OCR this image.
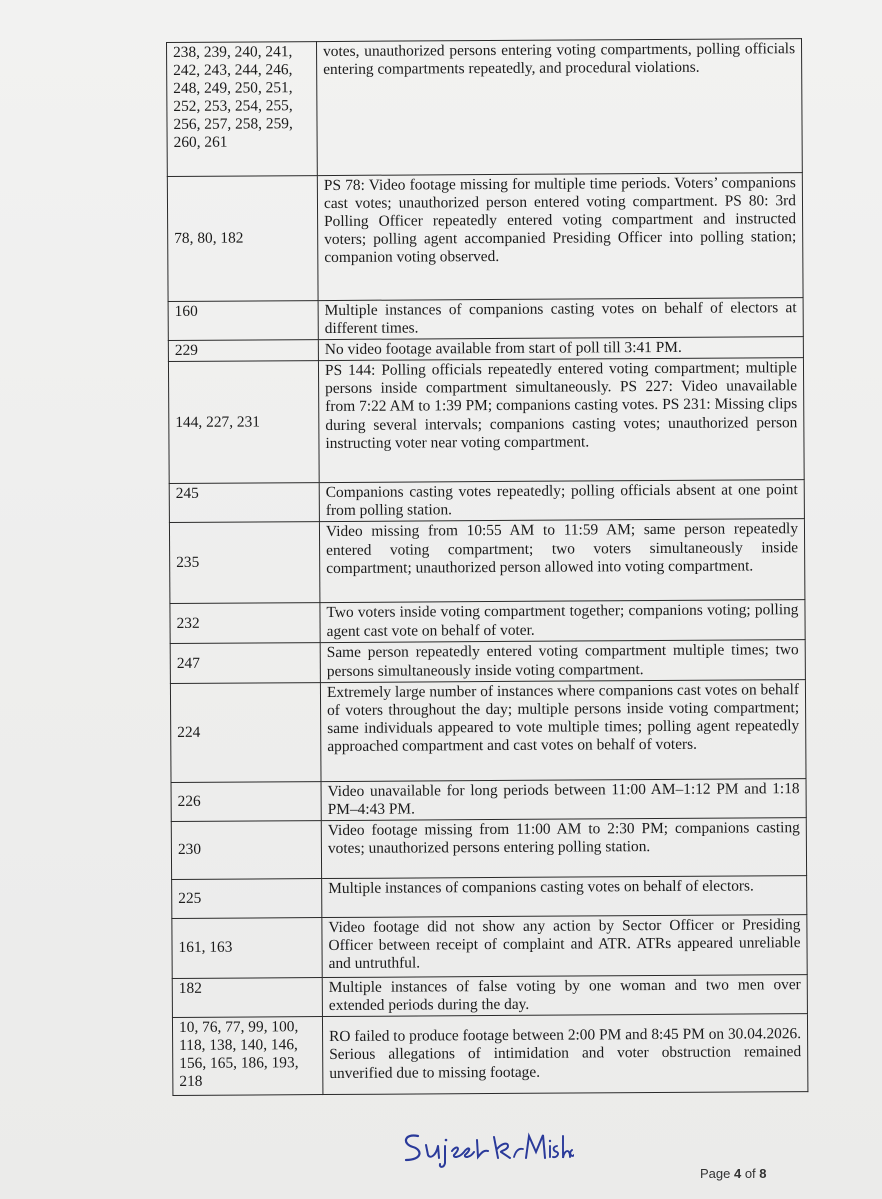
238, 239, 240, 241, 242, 243, 244, 246, 248, 249, 250, 251, 252, 253, 254, 255, 256, 257, 258, 259, 260, 261	votes, unauthorized persons entering voting compartments, polling officials entering compartments repeatedly, and procedural violations.
78, 80, 182	PS 78: Video footage missing for multiple time periods. Voters’ companions cast votes; unauthorized person entered voting compartment. PS 80: 3rd Polling Officer repeatedly entered voting compartment and instructed voters; polling agent accompanied Presiding Officer into polling station; companion voting observed.
160	Multiple instances of companions casting votes on behalf of electors at different times.
229	No video footage available from start of poll till 3:41 PM.
144, 227, 231	PS 144: Polling officials repeatedly entered voting compartment; multiple persons inside compartment simultaneously. PS 227: Video unavailable from 7:22 AM to 1:39 PM; companions casting votes. PS 231: Missing clips during several intervals; companions casting votes; unauthorized person instructing voter near voting compartment.
245	Companions casting votes repeatedly; polling officials absent at one point from polling station.
235	Video missing from 10:55 AM to 11:59 AM; same person repeatedly entered voting compartment; two voters simultaneously inside compartment; unauthorized person allowed into voting compartment.
232	Two voters inside voting compartment together; companions voting; polling agent cast vote on behalf of voter.
247	Same person repeatedly entered voting compartment multiple times; two persons simultaneously inside voting compartment.
224	Extremely large number of instances where companions cast votes on behalf of voters throughout the day; multiple persons inside voting compartment; same individuals appeared to vote multiple times; polling agent repeatedly approached compartment and cast votes on behalf of voters.
226	Video unavailable for long periods between 11:00 AM–1:12 PM and 1:18 PM–4:43 PM.
230	Video footage missing from 11:00 AM to 2:30 PM; companions casting votes; unauthorized persons entering polling station.
225	Multiple instances of companions casting votes on behalf of electors.
161, 163	Video footage did not show any action by Sector Officer or Presiding Officer between receipt of complaint and ATR. ATRs appeared unreliable and untruthful.
182	Multiple instances of false voting by one woman and two men over extended periods during the day.
10, 76, 77, 99, 100, 118, 138, 140, 146, 156, 165, 186, 193, 218	RO failed to produce footage between 2:00 PM and 8:45 PM on 30.04.2026. Serious allegations of intimidation and voter obstruction remained unverified due to missing footage.
Page 4 of 8
